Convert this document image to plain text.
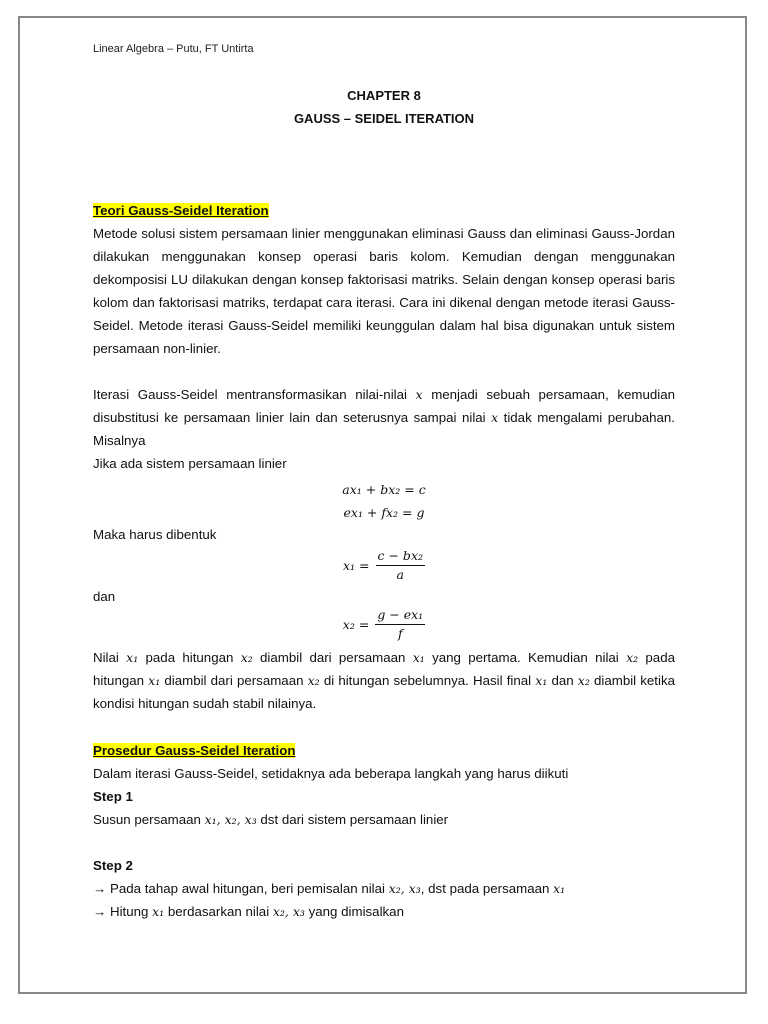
Linear Algebra – Putu, FT Untirta
CHAPTER 8
GAUSS – SEIDEL ITERATION

Teori Gauss-Seidel Iteration

Metode solusi sistem persamaan linier menggunakan eliminasi Gauss dan eliminasi Gauss-Jordan dilakukan menggunakan konsep operasi baris kolom. Kemudian dengan menggunakan dekomposisi LU dilakukan dengan konsep faktorisasi matriks. Selain dengan konsep operasi baris kolom dan faktorisasi matriks, terdapat cara iterasi. Cara ini dikenal dengan metode iterasi Gauss-Seidel. Metode iterasi Gauss-Seidel memiliki keunggulan dalam hal bisa digunakan untuk sistem persamaan non-linier.

Iterasi Gauss-Seidel mentransformasikan nilai-nilai x menjadi sebuah persamaan, kemudian disubstitusi ke persamaan linier lain dan seterusnya sampai nilai x tidak mengalami perubahan. Misalnya

Jika ada sistem persamaan linier

ax₁ + bx₂ = c
ex₁ + fx₂ = g
Maka harus dibentuk
$x_1 = \frac{\text{c − bx₂}}{a}$
dan
$x_2 = \frac{\text{g − ex₁}}{f}$
Nilai x₁ pada hitungan x₂ diambil dari persamaan x₁ yang pertama. Kemudian nilai x₂ pada hitungan x₁ diambil dari persamaan x₂ di hitungan sebelumnya. Hasil final x₁ dan x₂ diambil ketika kondisi hitungan sudah stabil nilainya.

Prosedur Gauss-Seidel Iteration

Dalam iterasi Gauss-Seidel, setidaknya ada beberapa langkah yang harus diikuti

Step 1

Susun persamaan x₁, x₂, x₃ dst dari sistem persamaan linier

Step 2

→ Pada tahap awal hitungan, beri pemisalan nilai x₂, x₃, dst pada persamaan x₁

→ Hitung x₁ berdasarkan nilai x₂, x₃ yang dimisalkan
